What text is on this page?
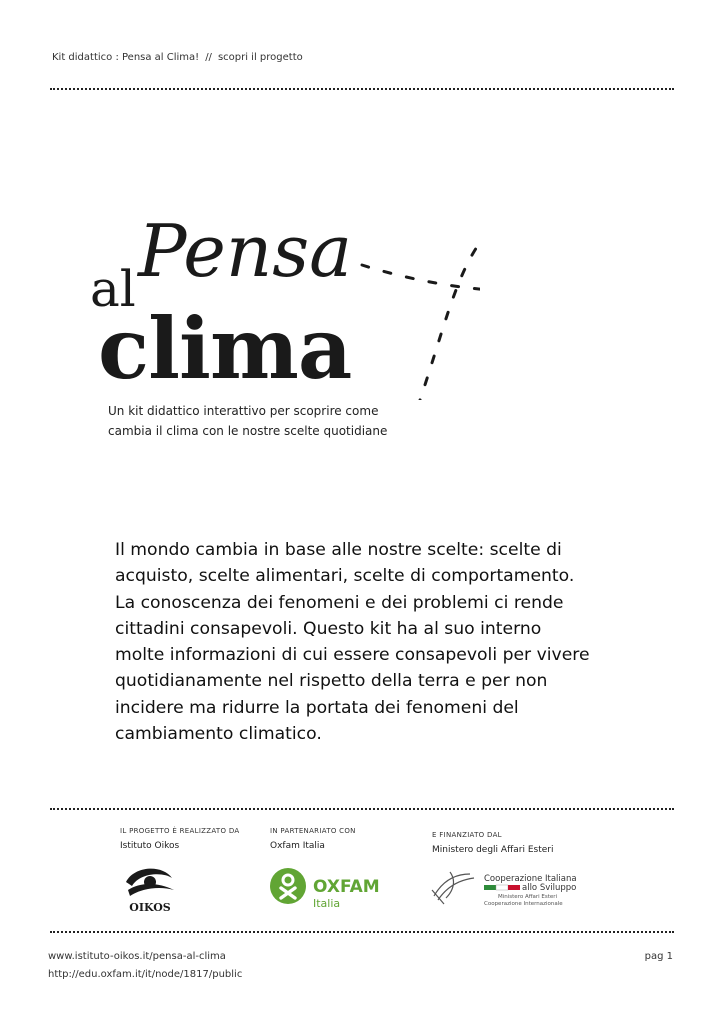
Kit didattico : Pensa al Clima! // scopri il progetto
al Pensa
clima
Un kit didattico interattivo per scoprire come
cambia il clima con le nostre scelte quotidiane
Il mondo cambia in base alle nostre scelte: scelte di acquisto, scelte alimentari, scelte di comportamento. La conoscenza dei fenomeni e dei problemi ci rende cittadini consapevoli. Questo kit ha al suo interno molte informazioni di cui essere consapevoli per vivere quotidianamente nel rispetto della terra e per non incidere ma ridurre la portata dei fenomeni del cambiamento climatico.
IL PROGETTO È REALIZZATO DA
Istituto Oikos
OIKOS
IN PARTENARIATO CON
Oxfam Italia
OXFAM
Italia
E FINANZIATO DAL
Ministero degli Affari Esteri
Cooperazione Italiana
allo Sviluppo
Ministero Affari Esteri
Cooperazione Internazionale
www.istituto-oikos.it/pensa-al-clima
http://edu.oxfam.it/it/node/1817/public
pag 1
